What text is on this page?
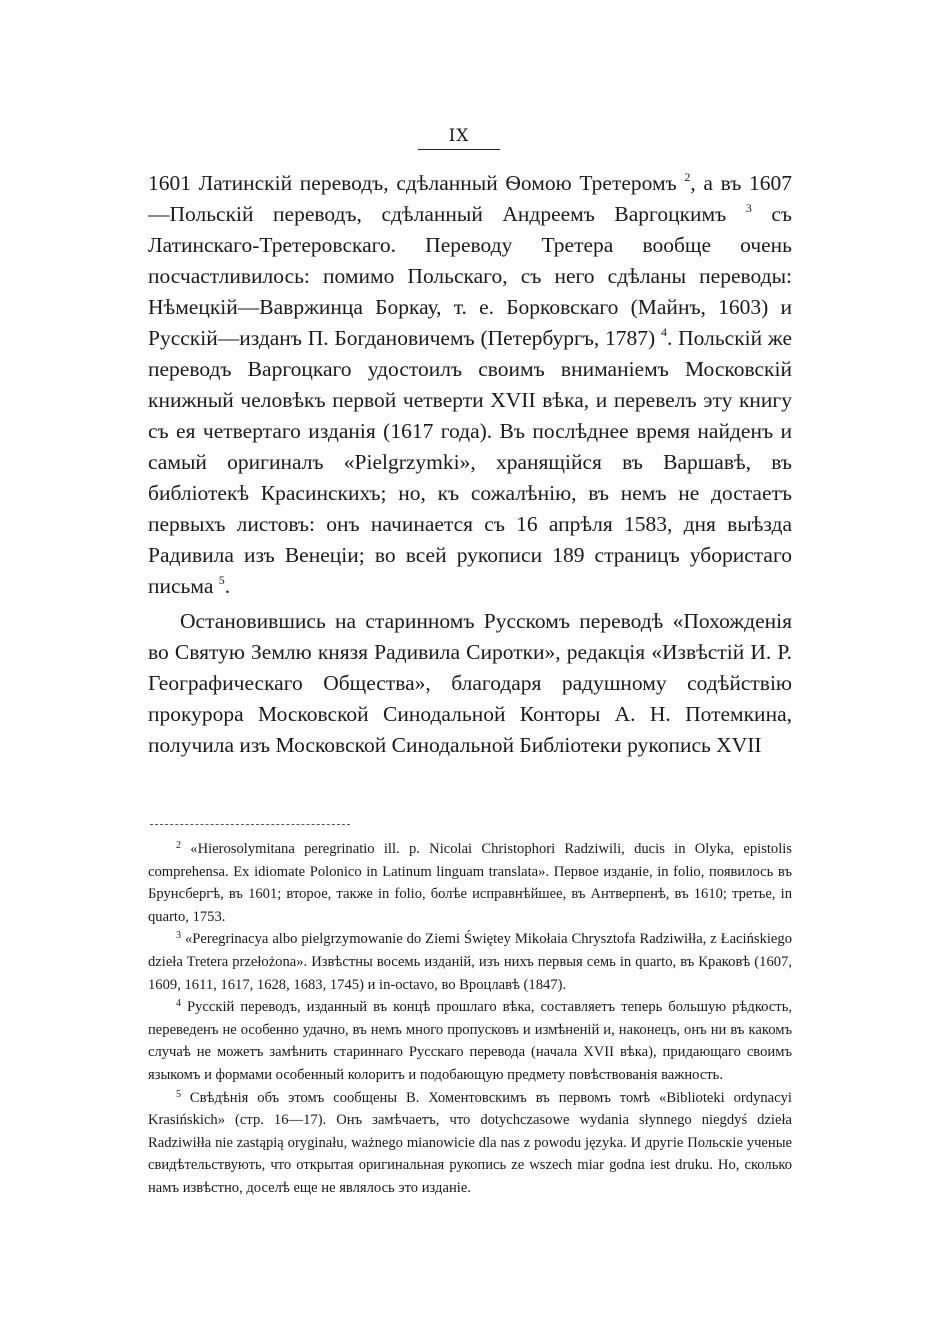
IX

1601 Латинскій переводъ, сдѣланный Ѳомою Третеромъ $^2$, а въ 1607—Польскій переводъ, сдѣланный Андреемъ Варгоцкимъ $^3$ съ Латинскаго-Третеровскаго. Переводу Третера вообще очень посчастливилось: помимо Польскаго, съ него сдѣланы переводы: Нѣмецкій—Вавржинца Боркау, т. е. Борковскаго (Майнъ, 1603) и Русскій—изданъ П. Богдановичемъ (Петербургъ, 1787) $^4$. Польскій же переводъ Варгоцкаго удостоилъ своимъ вниманіемъ Московскій книжный человѣкъ первой четверти XVII вѣка, и перевелъ эту книгу съ ея четвертаго изданія (1617 года). Въ послѣднее время найденъ и самый оригиналъ «Pielgrzymki», хранящійся въ Варшавѣ, въ библіотекѣ Красинскихъ; но, къ сожалѣнію, въ немъ не достаетъ первыхъ листовъ: онъ начинается съ 16 апрѣля 1583, дня выѣзда Радивила изъ Венеціи; во всей рукописи 189 страницъ убористаго письма $^5$.

Остановившись на старинномъ Русскомъ переводѣ «Похожденія во Святую Землю князя Радивила Сиротки», редакція «Извѣстій И. Р. Географическаго Общества», благодаря радушному содѣйствію прокурора Московской Синодальной Конторы А. Н. Потемкина, получила изъ Московской Синодальной Библіотеки рукопись XVII

$^2$ «Hierosolymitana peregrinatio ill. p. Nicolai Christophori Radziwili, ducis in Olyka, epistolis comprehensa. Ex idiomate Polonico in Latinum linguam translata». Первое изданіе, in folio, появилось въ Брунсбергѣ, въ 1601; второе, также in folio, болѣе исправнѣйшее, въ Антверпенѣ, въ 1610; третье, in quarto, 1753.

$^3$ «Peregrinacya albo pielgrzymowanie do Ziemi Świętey Mikołaia Chrysztofa Radziwiłła, z Łacińskiego dzieła Tretera przełożona». Извѣстны восемь изданій, изъ нихъ первыя семь in quarto, въ Краковѣ (1607, 1609, 1611, 1617, 1628, 1683, 1745) и in-octavo, во Вроцлавѣ (1847).

$^4$ Русскій переводъ, изданный въ концѣ прошлаго вѣка, составляетъ теперь большую рѣдкость, переведенъ не особенно удачно, въ немъ много пропусковъ и измѣненій и, наконецъ, онъ ни въ какомъ случаѣ не можетъ замѣнить стариннаго Русскаго перевода (начала XVII вѣка), придающаго своимъ языкомъ и формами особенный колоритъ и подобающую предмету повѣствованія важность.

$^5$ Свѣдѣнія объ этомъ сообщены В. Хоментовскимъ въ первомъ томѣ «Biblioteki ordynacyi Krasińskich» (стр. 16—17). Онъ замѣчаетъ, что dotychczasowe wydania słynnego niegdyś dzieła Radziwiłła nie zastąpią oryginału, ważnego mianowicie dla nas z powodu języka. И другіе Польскіе ученые свидѣтельствують, что открытая оригинальная рукопись ze wszech miar godna iest druku. Но, сколько намъ извѣстно, доселѣ еще не являлось это изданіе.
